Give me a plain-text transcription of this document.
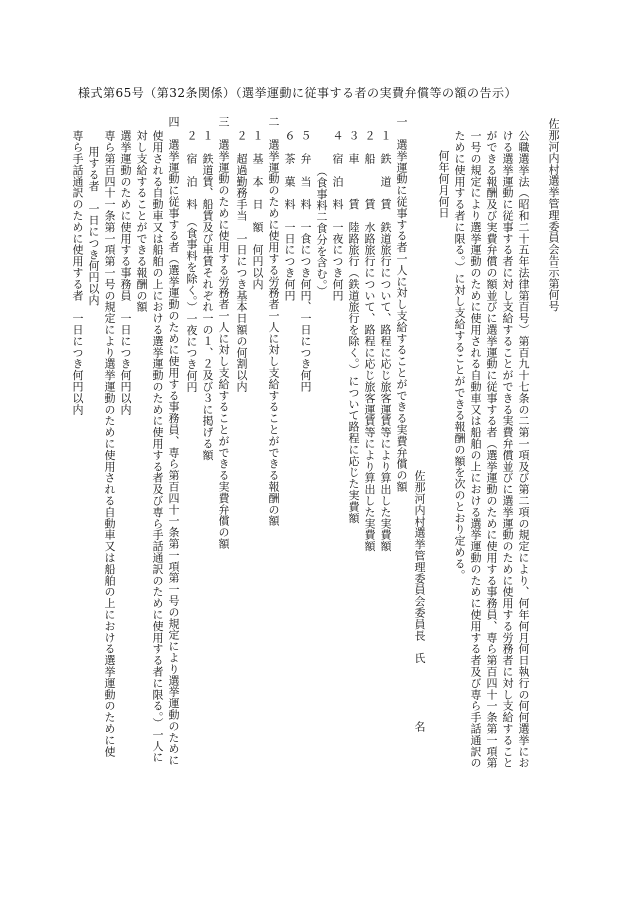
様式第65号（第32条関係）（選挙運動に従事する者の実費弁償等の額の告示）
佐那河内村選挙管理委員会告示第何号
公職選挙法（昭和二十五年法律第百号）第百九十七条の二第一項及び第二項の規定により、何年何月何日執行の何何選挙にお
ける選挙運動に従事する者に対し支給することができる実費弁償並びに選挙運動のために使用する労務者に対し支給すること
ができる報酬及び実費弁償の額並びに選挙運動に従事する者（選挙運動のために使用する事務員、専ら第百四十一条第一項第
一号の規定により選挙運動のために使用される自動車又は船舶の上における選挙運動のために使用する者及び専ら手話通訳の
ために使用する者に限る。）に対し支給することができる報酬の額を次のとおり定める。
何年何月何日
佐那河内村選挙管理委員会委員長　氏　　　　　名
一　選挙運動に従事する者一人に対し支給することができる実費弁償の額
１　鉄　道　賃　鉄道旅行について、路程に応じ旅客運賃等により算出した実費額
２　船　　　賃　水路旅行について、路程に応じ旅客運賃等により算出した実費額
３　車　　　賃　陸路旅行（鉄道旅行を除く。）について路程に応じた実費額
４　宿　泊　料　一夜につき何円
　　（食事料二食分を含む。）
５　弁　当　料　一食につき何円、一日につき何円
６　茶　菓　料　一日につき何円
二　選挙運動のために使用する労務者一人に対し支給することができる報酬の額
１　基　本　日　額　何円以内
２　超過勤務手当　一日につき基本日額の何割以内
三　選挙運動のために使用する労務者一人に対し支給することができる実費弁償の額
１　鉄道賃、船賃及び車賃それぞれ一の１、２及び３に掲げる額
２　宿　泊　料　（食事料を除く。）一夜につき何円
四　選挙運動に従事する者（選挙運動のために使用する事務員、専ら第百四十一条第一項第一号の規定により選挙運動のために
使用される自動車又は船舶の上における選挙運動のために使用する者及び専ら手話通訳のために使用する者に限る。）一人に
対し支給することができる報酬の額
選挙運動のために使用する事務員　一日につき何円以内
専ら第百四十一条第一項第一号の規定により選挙運動のために使用される自動車又は船舶の上における選挙運動のために使
用する者　一日につき何円以内
専ら手話通訳のために使用する者　一日につき何円以内
